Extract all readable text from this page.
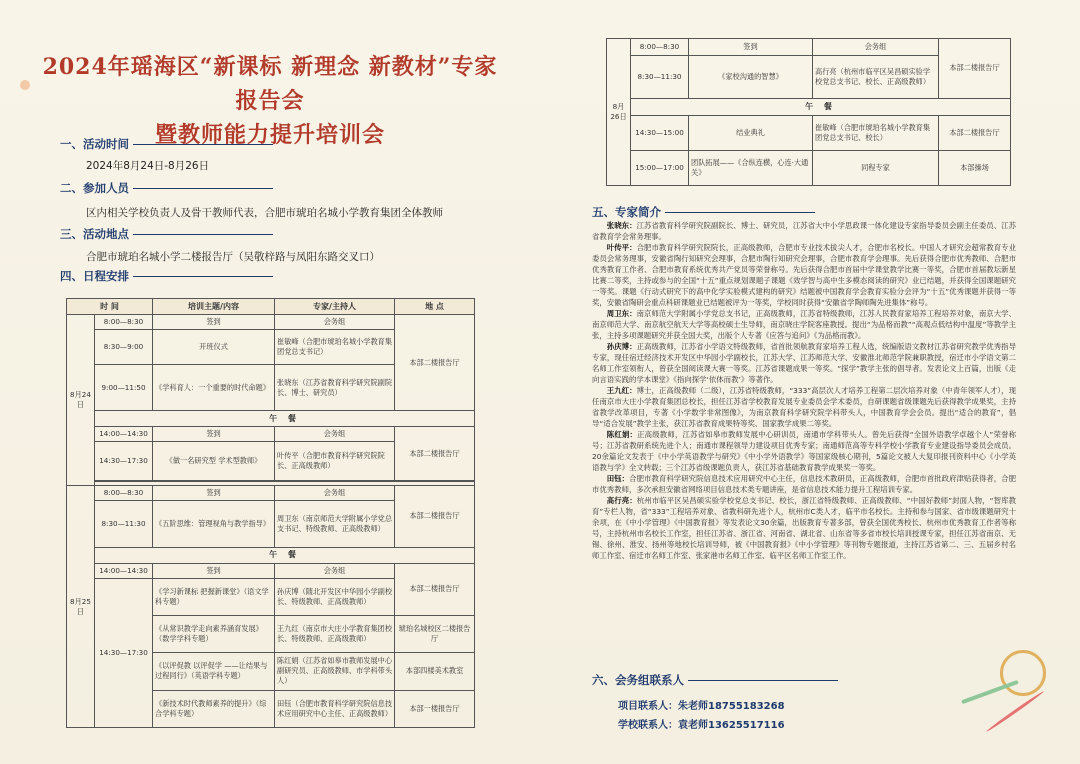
2024年瑶海区“新课标 新理念 新教材”专家报告会
暨教师能力提升培训会
一、活动时间
2024年8月24日-8月26日
二、参加人员
区内相关学校负责人及骨干教师代表，合肥市琥珀名城小学教育集团全体教师
三、活动地点
合肥市琥珀名城小学二楼报告厅（吴敬梓路与凤阳东路交叉口）
四、日程安排
时 间		培训主题/内容	专家/主持人	地 点
8月24日	8:00—8:30	签到	会务组	本部二楼报告厅
	8:30—9:00	开班仪式	崔敏峰（合肥市琥珀名城小学教育集团党总支书记）	
	9:00—11:50	《学科育人：一个重要的时代命题》	张晓东（江苏省教育科学研究院副院长、博士、研究员）	
	午 餐			
	14:00—14:30	签到	会务组	本部二楼报告厅
	14:30—17:30	《做一名研究型 学术型教师》	叶传平（合肥市教育科学研究院院长、正高级教师）	

8月25日	8:00—8:30	签到	会务组	本部二楼报告厅
	8:30—11:30	《五阶思维：管理视角与教学指导》	周卫东（南京师范大学附属小学党总支书记、特级教师、正高级教师）	
	午 餐			
	14:00—14:30	签到	会务组	本部二楼报告厅
	14:30—17:30	《学习新课标 把握新课堂》（语文学科专题）	孙庆博（随北开发区中华园小学副校长、特级教师、正高级教师）	
		《从常识教学走向素养涵育发展》（数学学科专题）	王九红（南京市大庄小学教育集团校长、特级教师、正高级教师）	琥珀名城校区二楼报告厅
		《以评促教 以评促学 ——让结果与过程同行》（英语学科专题）	陈红娟（江苏省如皋市教师发展中心副研究员、正高级教师、市学科带头人）	本部四楼美术教室
		《新技术时代教师素养的提升》（综合学科专题）	田钰（合肥市教育科学研究院信息技术应用研究中心主任、正高级教师）	本部一楼报告厅
8月26日	8:00—8:30	签到	会务组	本部二楼报告厅
	8:30—11:30	《家校沟通的智慧》	高行亮（杭州市临平区吴昌硕实验学校党总支书记、校长、正高级教师）	
	午 餐			
	14:30—15:00	结业典礼	崔敏峰（合肥市琥珀名城小学教育集团党总支书记、校长）	本部二楼报告厅
	15:00—17:00	团队拓展——《合纵连横，心连·大通关》	同程专家	本部操场
五、专家简介

张晓东：江苏省教育科学研究院副院长、博士、研究员，江苏省大中小学思政课一体化建设专家指导委员会副主任委员、江苏省教育学会常务理事。

叶传平：合肥市教育科学研究院院长，正高级教师，合肥市专业技术拔尖人才，合肥市名校长。中国人才研究会超常教育专业委员会常务理事，安徽省陶行知研究会理事，合肥市陶行知研究会理事，合肥市教育学会理事。先后获得合肥市优秀教师、合肥市优秀教育工作者、合肥市教育系统优秀共产党员等荣誉称号。先后获得合肥市首届中学课堂教学比赛一等奖，合肥市首届教坛新星比赛二等奖，主持或参与的全国“十五”重点规划课题子课题《效学智与高中生多模态阅读的研究》业已结题，并获得全国课题研究一等奖。课题《行动式研究下的高中化学实验模式建构的研究》结题被中国教育学会教育实验分会评为“十五”优秀课题并获得一等奖，安徽省陶研会重点科研课题业已结题被评为一等奖，学校同时获得“安徽省学陶师陶先进集体”称号。

周卫东：南京师范大学附属小学党总支书记，正高级教师，江苏省特级教师，江苏人民教育家培养工程培养对象，南京大学、南京师范大学、南京航空航天大学等高校硕士生导师，南京晓庄学院客座教授。提出“为品格而教”“高观点低结构中温度”等教学主张，主持多项课题研究并获全国大奖，出版个人专著《应答与追问》《为品格而教》。

孙庆博：正高级教师，江苏省小学语文特级教师，省首批领航教育家培养工程人选，统编版语文教材江苏省研究教学优秀指导专家，现任宿迁经济技术开发区中华园小学副校长，江苏大学、江苏师范大学、安徽淮北师范学院兼职教授，宿迁市小学语文第二名师工作室领衔人，曾获全国阅读课大赛一等奖。江苏省课题成果一等奖。“探学”教学主张的倡导者。发表论文上百篇，出版《走向言语实践的学本课堂》《指向探学‘依体而教’》等著作。

王九红：博士，正高级教师（二级），江苏省特级教师，“333”高层次人才培养工程第二层次培养对象（中青年领军人才），现任南京市大庄小学教育集团总校长，担任江苏省学校教育发展专业委员会学术委员，自研课题省级课题先后获得教学成果奖，主持省教学改革项目，专著《小学数学非常图像》，为南京教育科学研究院学科带头人，中国教育学会会员。提出“适合的教育”，倡导“适合发展”教学主张，获江苏省教育成果特等奖、国家教学成果二等奖。

陈红娟：正高级教师，江苏省如皋市教师发展中心研训员，南通市学科带头人。曾先后获得“全国外语教学卓越个人”荣誉称号；江苏省教研系统先进个人；南通市课程领导力建设项目优秀专家；南通师范高等专科学校小学教育专业建设指导委员会成员。20余篇论文发表于《中小学英语教学与研究》《中小学外语教学》等国家级核心期刊，5篇论文被人大复印报刊资料中心《小学英语教与学》全文转载；三个江苏省级课题负责人，获江苏省基础教育教学成果奖一等奖。

田钰：合肥市教育科学研究院信息技术应用研究中心主任，信息技术教研员，正高级教师，合肥市首批政府津贴获得者，合肥市优秀教师，多次承担安徽省网络项目信息技术类专题讲座，是省信息技术能力提升工程培训专家。

高行亮：杭州市临平区吴昌硕实验学校党总支书记、校长，浙江省特级教师、正高级教师、“中国好教师”封面人物，“智库教育”专栏人物，省“333”工程培养对象、省教科研先进个人，杭州市C类人才，临平市名校长。主持和参与国家、省市级课题研究十余项，在《中小学管理》《中国教育报》等发表论文30余篇，出版教育专著多部，曾获全国优秀校长、杭州市优秀教育工作者等称号，主持杭州市名校长工作室，担任江苏省、浙江省、河南省、湖北省、山东省等多省市校长培训授课专家，担任江苏省南京、无锡、徐州、淮安、扬州等地校长培训导师，被《中国教育报》《中小学管理》等刊物专题报道，主持江苏省第二、三、五届乡村名师工作室、宿迁市名师工作室、张家港市名师工作室、临平区名师工作室工作。

六、会务组联系人
项目联系人：朱老师18755183268
学校联系人：袁老师13625517116
